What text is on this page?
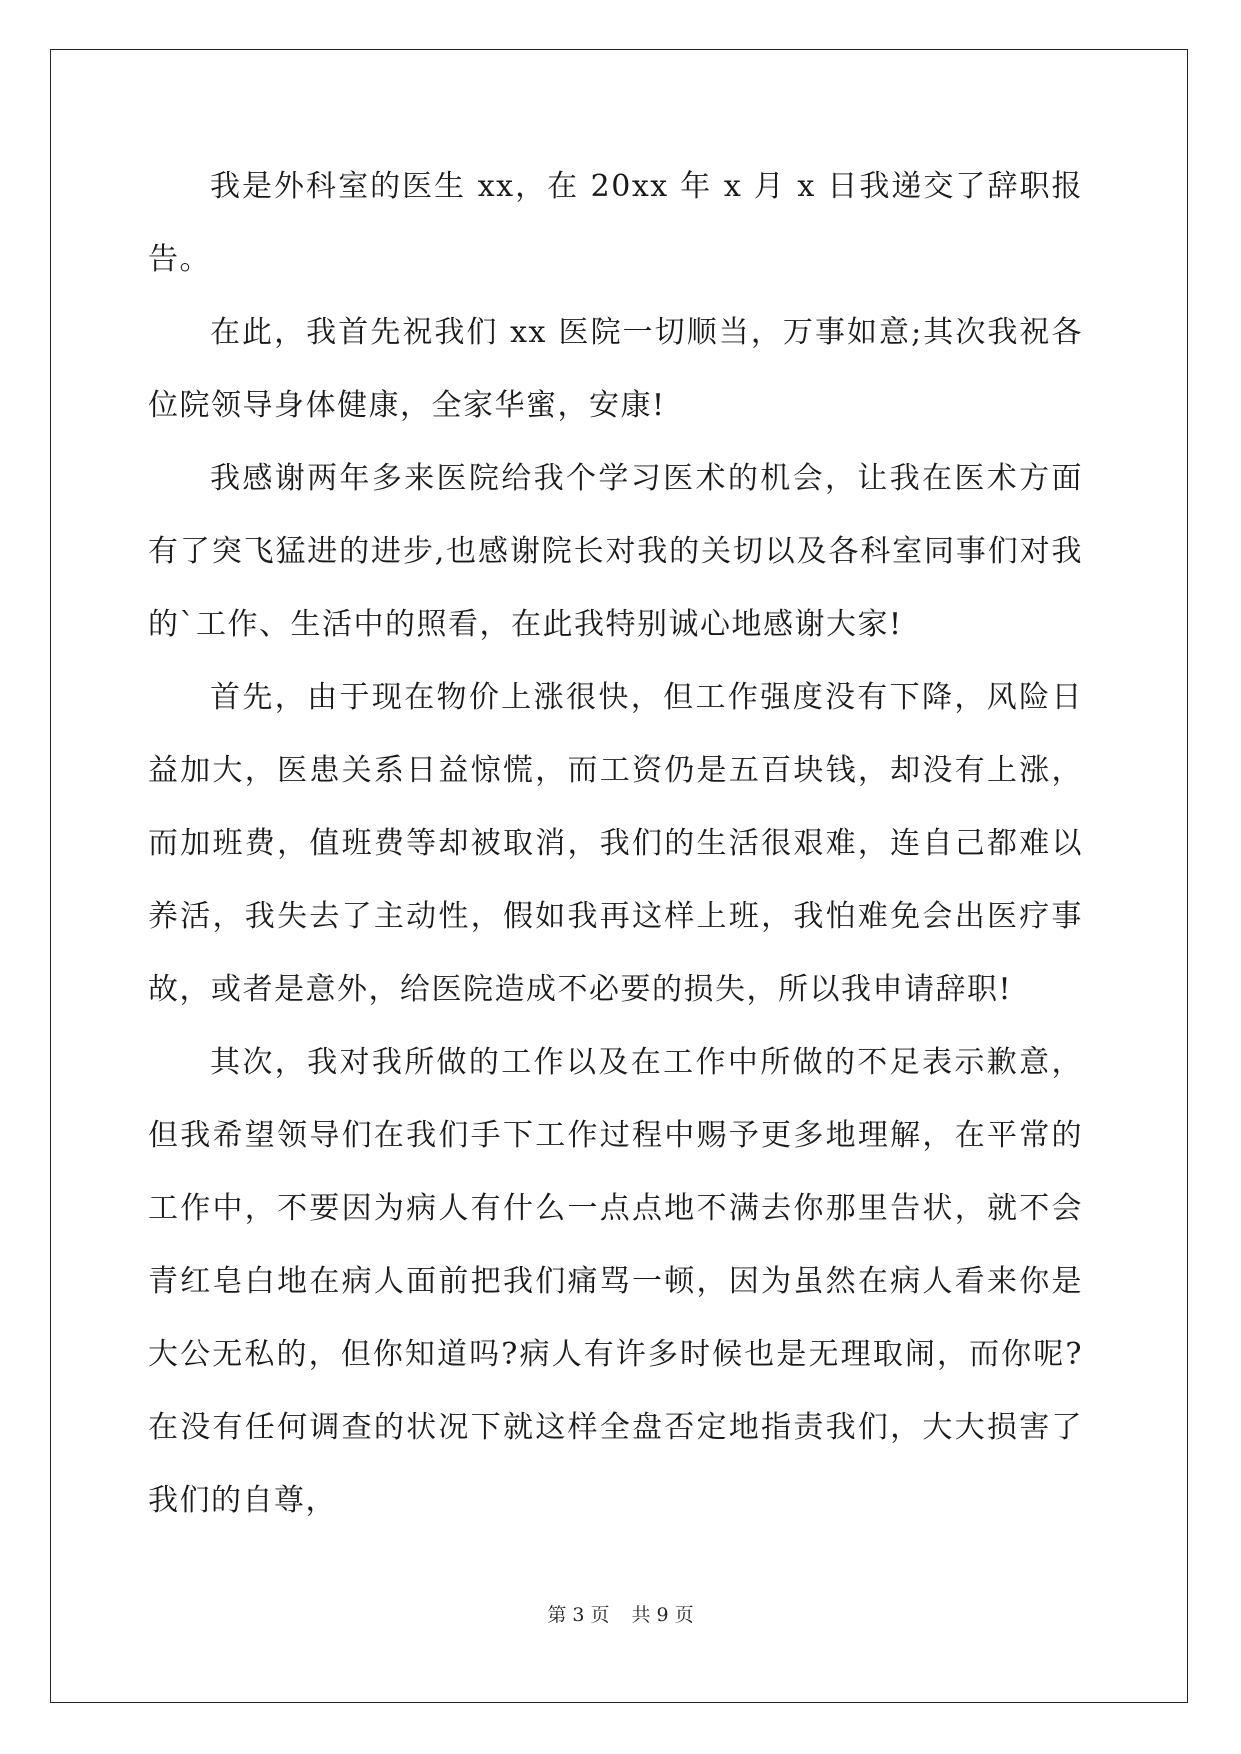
我是外科室的医生 xx，在 20xx 年 x 月 x 日我递交了辞职报告。

在此，我首先祝我们 xx 医院一切顺当，万事如意;其次我祝各位院领导身体健康，全家华蜜，安康!

我感谢两年多来医院给我个学习医术的机会，让我在医术方面有了突飞猛进的进步,也感谢院长对我的关切以及各科室同事们对我的`工作、生活中的照看，在此我特别诚心地感谢大家!

首先，由于现在物价上涨很快，但工作强度没有下降，风险日益加大，医患关系日益惊慌，而工资仍是五百块钱，却没有上涨，而加班费，值班费等却被取消，我们的生活很艰难，连自己都难以养活，我失去了主动性，假如我再这样上班，我怕难免会出医疗事故，或者是意外，给医院造成不必要的损失，所以我申请辞职!

其次，我对我所做的工作以及在工作中所做的不足表示歉意，但我希望领导们在我们手下工作过程中赐予更多地理解，在平常的工作中，不要因为病人有什么一点点地不满去你那里告状，就不会青红皂白地在病人面前把我们痛骂一顿，因为虽然在病人看来你是大公无私的，但你知道吗?病人有许多时候也是无理取闹，而你呢?在没有任何调查的状况下就这样全盘否定地指责我们，大大损害了我们的自尊，

第 3 页 共 9 页
